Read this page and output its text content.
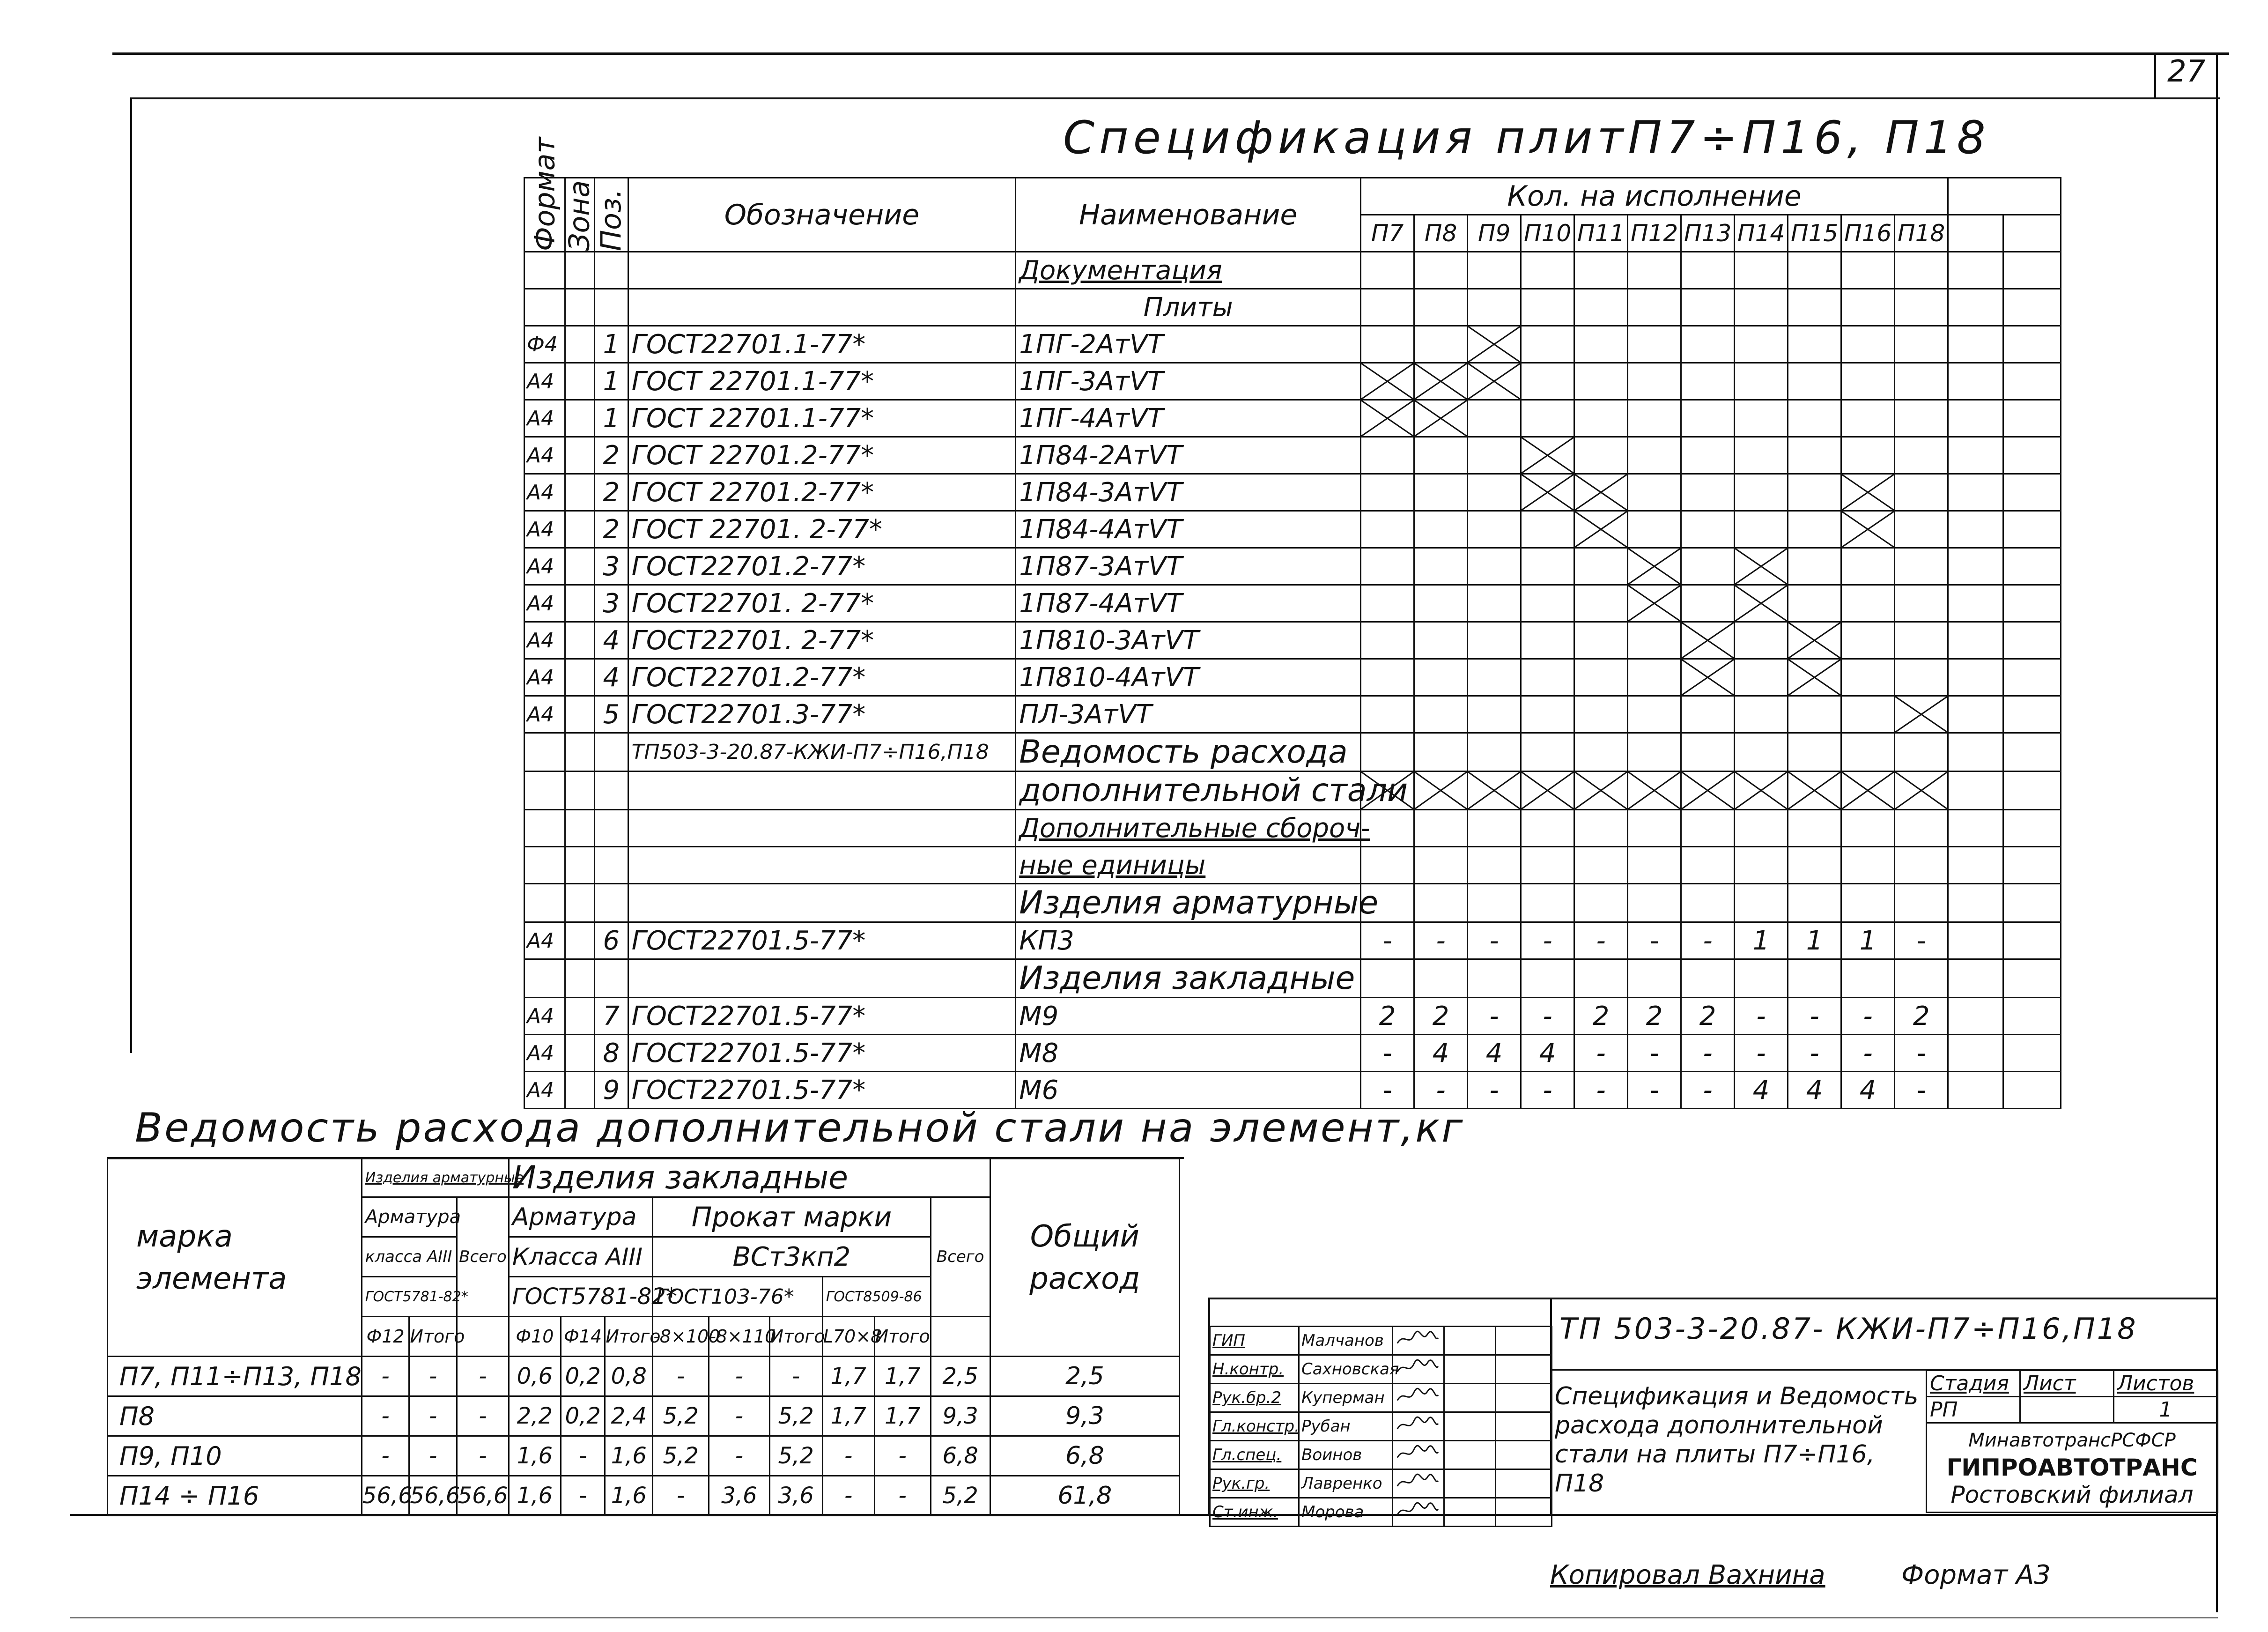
27
Спецификация плитП7÷П16, П18
Формат	Зона	Поз.	Обозначение	Наименование	Кол. на исполнение												
					П7	П8	П9	П10	П11	П12	П13	П14	П15	П16	П18		
				Документация													
				Плиты													
Ф4		1	ГОСТ22701.1-77*	1ПГ-2АтVТ			

А4		1	ГОСТ 22701.1-77*	1ПГ-3АтVТ	

А4		1	ГОСТ 22701.1-77*	1ПГ-4АтVТ	

А4		2	ГОСТ 22701.2-77*	1П84-2АтVТ				

А4		2	ГОСТ 22701.2-77*	1П84-3АтVТ				

А4		2	ГОСТ 22701. 2-77*	1П84-4АтVТ					

А4		3	ГОСТ22701.2-77*	1П87-3АтVТ						

А4		3	ГОСТ22701. 2-77*	1П87-4АтVТ						

А4		4	ГОСТ22701. 2-77*	1П810-3АтVТ							

А4		4	ГОСТ22701.2-77*	1П810-4АтVТ							

А4		5	ГОСТ22701.3-77*	ПЛ-3АтVТ											

			ТП503-3-20.87-КЖИ-П7÷П16,П18	Ведомость расхода													
				дополнительной стали	

				Дополнительные сбороч-													
				ные единицы													
				Изделия арматурные													
А4		6	ГОСТ22701.5-77*	КП3	-	-	-	-	-	-	-	1	1	1	-		
				Изделия закладные													
А4		7	ГОСТ22701.5-77*	М9	2	2	-	-	2	2	2	-	-	-	2		
А4		8	ГОСТ22701.5-77*	М8	-	4	4	4	-	-	-	-	-	-	-		
А4		9	ГОСТ22701.5-77*	М6	-	-	-	-	-	-	-	4	4	4	-		
Ведомость расхода дополнительной стали на элемент,кг
марка элемента	Изделия арматурные			Изделия закладные									Общий расход
	Арматура		Всего	Арматура			Прокат марки					Всего	
	класса АIII			Класса АIII			ВСт3кп2						
	ГОСТ5781-82*			ГОСТ5781-82*			ГОСТ103-76*			ГОСТ8509-86			
	Ф12	Итого		Ф10	Ф14	Итого	-8×100	-8×110	Итого	L70×8	Итого		
П7, П11÷П13, П18	-	-	-	0,6	0,2	0,8	-	-	-	1,7	1,7	2,5	2,5
П8	-	-	-	2,2	0,2	2,4	5,2	-	5,2	1,7	1,7	9,3	9,3
П9, П10	-	-	-	1,6	-	1,6	5,2	-	5,2	-	-	6,8	6,8
П14 ÷ П16	56,6	56,6	56,6	1,6	-	1,6	-	3,6	3,6	-	-	5,2	61,8
ГИП	Малчанов			
Н.контр.	Сахновская			
Рук.бр.2	Куперман			
Гл.констр.	Рубан			
Гл.спец.	Воинов			
Рук.гр.	Лавренко			
Ст.инж.	Морова			
ТП 503-3-20.87- КЖИ-П7÷П16,П18
Спецификация и Ведомость расхода дополнительной стали на плиты П7÷П16, П18
Стадия	Лист	Листов
РП		1

МинавтотрансРСФСР
ГИПРОАВТОТРАНС
Ростовский филиал		
Копировал Вахнина	Формат А3
